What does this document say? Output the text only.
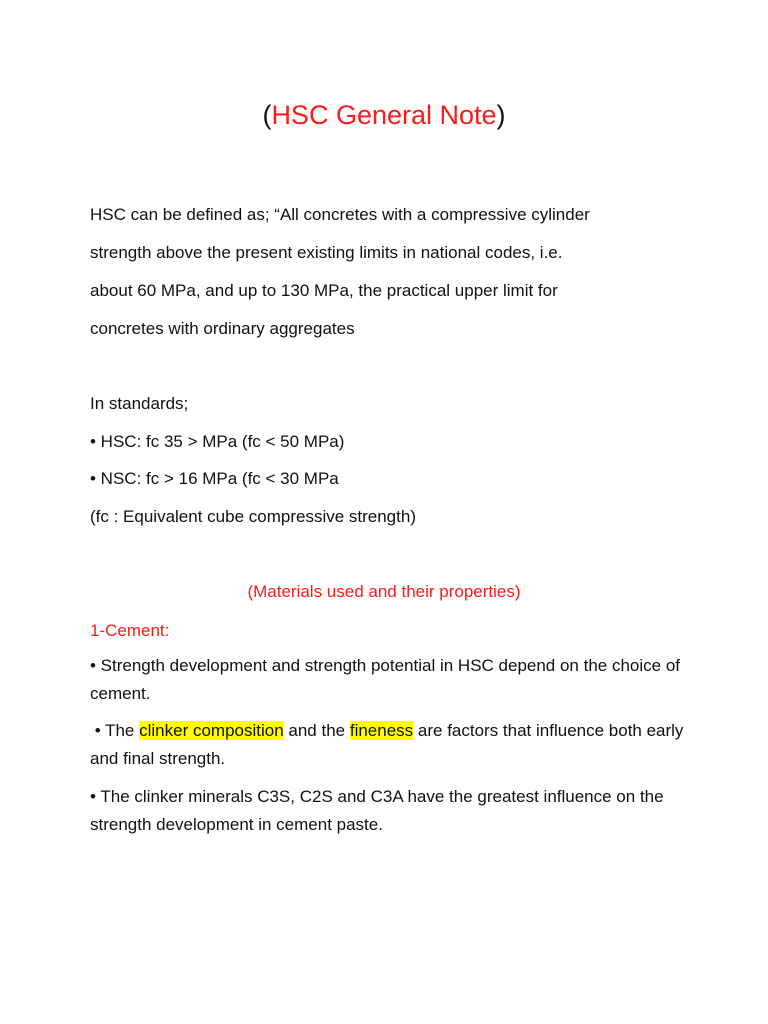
(HSC General Note)
HSC can be defined as; “All concretes with a compressive cylinder
strength above the present existing limits in national codes, i.e.
about 60 MPa, and up to 130 MPa, the practical upper limit for
concretes with ordinary aggregates
In standards;
• HSC: fc 35 > MPa (fc < 50 MPa)
• NSC: fc > 16 MPa (fc < 30 MPa
(fc : Equivalent cube compressive strength)
(Materials used and their properties)
1-Cement:
• Strength development and strength potential in HSC depend on the choice of cement.
• The clinker composition and the fineness are factors that influence both early and final strength.
• The clinker minerals C3S, C2S and C3A have the greatest influence on the strength development in cement paste.
